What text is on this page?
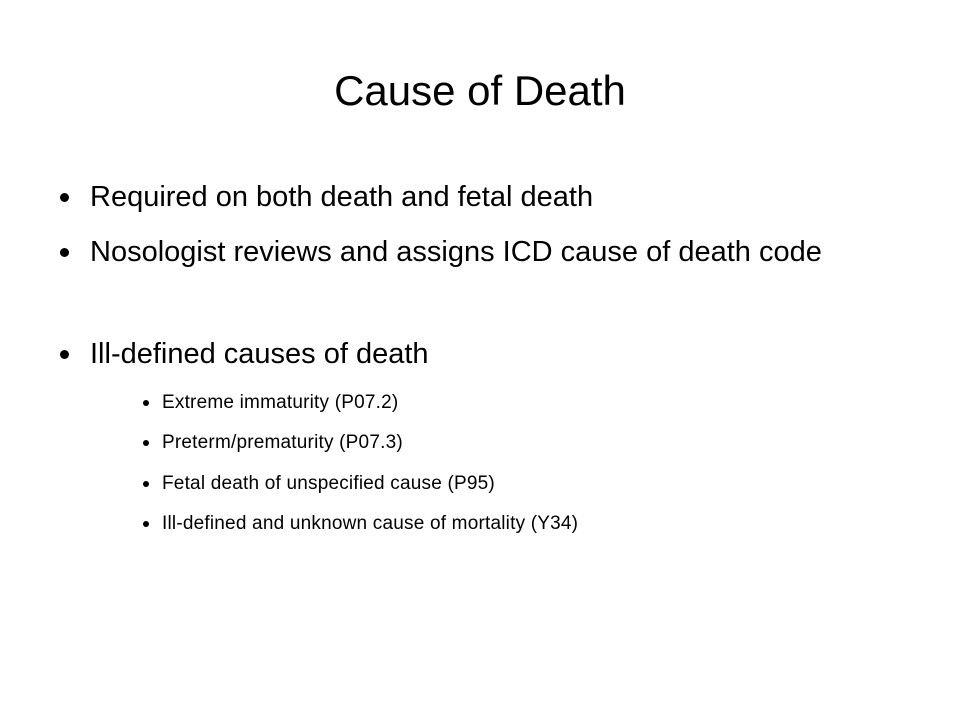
Cause of Death

Required on both death and fetal death

Nosologist reviews and assigns ICD cause of death code

Ill-defined causes of death

Extreme immaturity (P07.2)

Preterm/prematurity (P07.3)

Fetal death of unspecified cause (P95)

Ill-defined and unknown cause of mortality (Y34)
